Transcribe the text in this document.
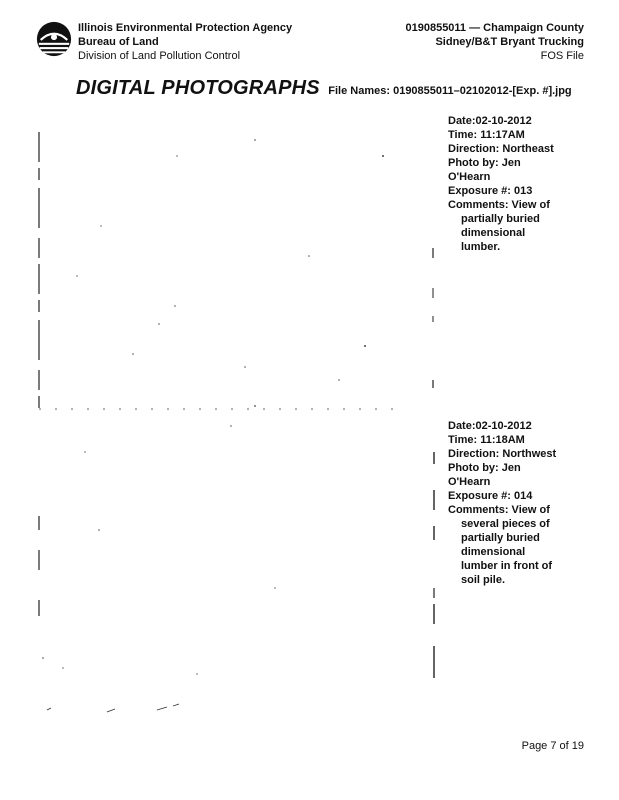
Illinois Environmental Protection Agency
Bureau of Land
Division of Land Pollution Control
0190855011 — Champaign County
Sidney/B&T Bryant Trucking
FOS File
DIGITAL PHOTOGRAPHS File Names: 0190855011–02102012-[Exp. #].jpg
Date:02-10-2012
Time: 11:17AM
Direction: Northeast
Photo by: Jen
O'Hearn
Exposure #: 013
Comments: View of
partially buried
dimensional
lumber.
Date:02-10-2012
Time: 11:18AM
Direction: Northwest
Photo by: Jen
O'Hearn
Exposure #: 014
Comments: View of
several pieces of
partially buried
dimensional
lumber in front of
soil pile.
Page 7 of 19
